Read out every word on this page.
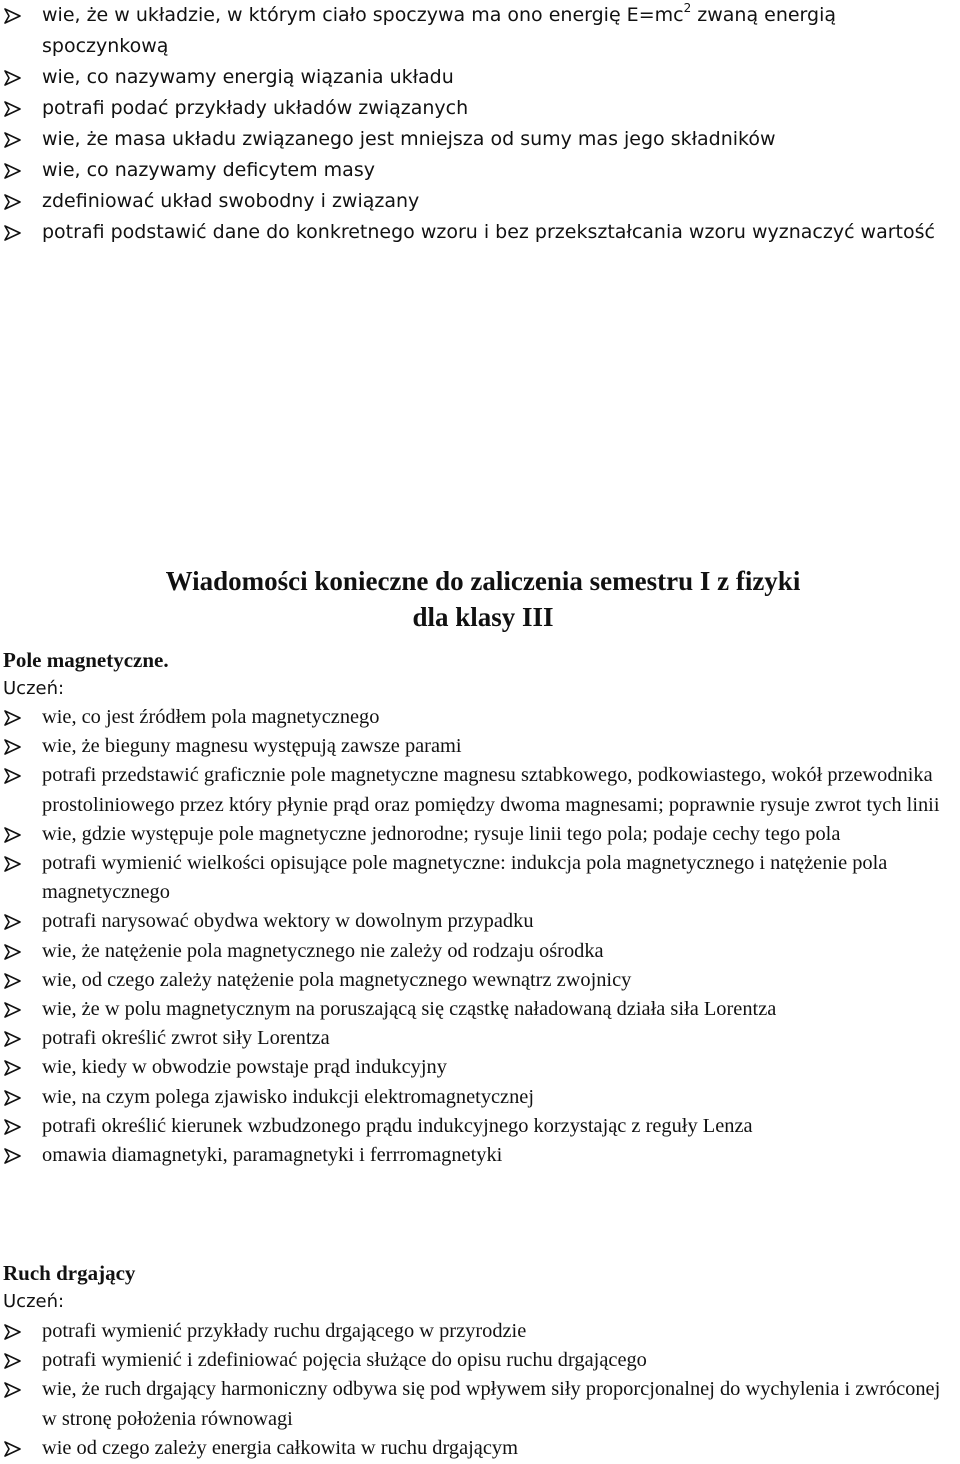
wie, że w układzie, w którym ciało spoczywa ma ono energię $E=mc^2$ zwaną energią spoczynkową
wie, co nazywamy energią wiązania układu
potrafi podać przykłady układów związanych
wie, że masa układu związanego jest mniejsza od sumy mas jego składników
wie, co nazywamy deficytem masy
zdefiniować układ swobodny i związany
potrafi podstawić dane do konkretnego wzoru i bez przekształcania wzoru wyznaczyć wartość
Wiadomości konieczne do zaliczenia semestru I z fizyki
dla klasy III
Pole magnetyczne.
Uczeń:
wie, co jest źródłem pola magnetycznego
wie, że bieguny magnesu występują zawsze parami
potrafi przedstawić graficznie pole magnetyczne magnesu sztabkowego, podkowiastego, wokół przewodnika prostoliniowego przez który płynie prąd oraz pomiędzy dwoma magnesami; poprawnie rysuje zwrot tych linii
wie, gdzie występuje pole magnetyczne jednorodne; rysuje linii tego pola; podaje cechy tego pola
potrafi wymienić wielkości opisujące pole magnetyczne: indukcja pola magnetycznego i natężenie pola magnetycznego
potrafi narysować obydwa wektory w dowolnym przypadku
wie, że natężenie pola magnetycznego nie zależy od rodzaju ośrodka
wie, od czego zależy natężenie pola magnetycznego wewnątrz zwojnicy
wie, że w polu magnetycznym na poruszającą się cząstkę naładowaną działa siła Lorentza
potrafi określić zwrot siły Lorentza
wie, kiedy w obwodzie powstaje prąd indukcyjny
wie, na czym polega zjawisko indukcji elektromagnetycznej
potrafi określić kierunek wzbudzonego prądu indukcyjnego korzystając z reguły Lenza
omawia diamagnetyki, paramagnetyki i ferrromagnetyki
Ruch drgający
Uczeń:
potrafi wymienić przykłady ruchu drgającego w przyrodzie
potrafi wymienić i zdefiniować pojęcia służące do opisu ruchu drgającego
wie, że ruch drgający harmoniczny odbywa się pod wpływem siły proporcjonalnej do wychylenia i zwróconej w stronę położenia równowagi
wie od czego zależy energia całkowita w ruchu drgającym
